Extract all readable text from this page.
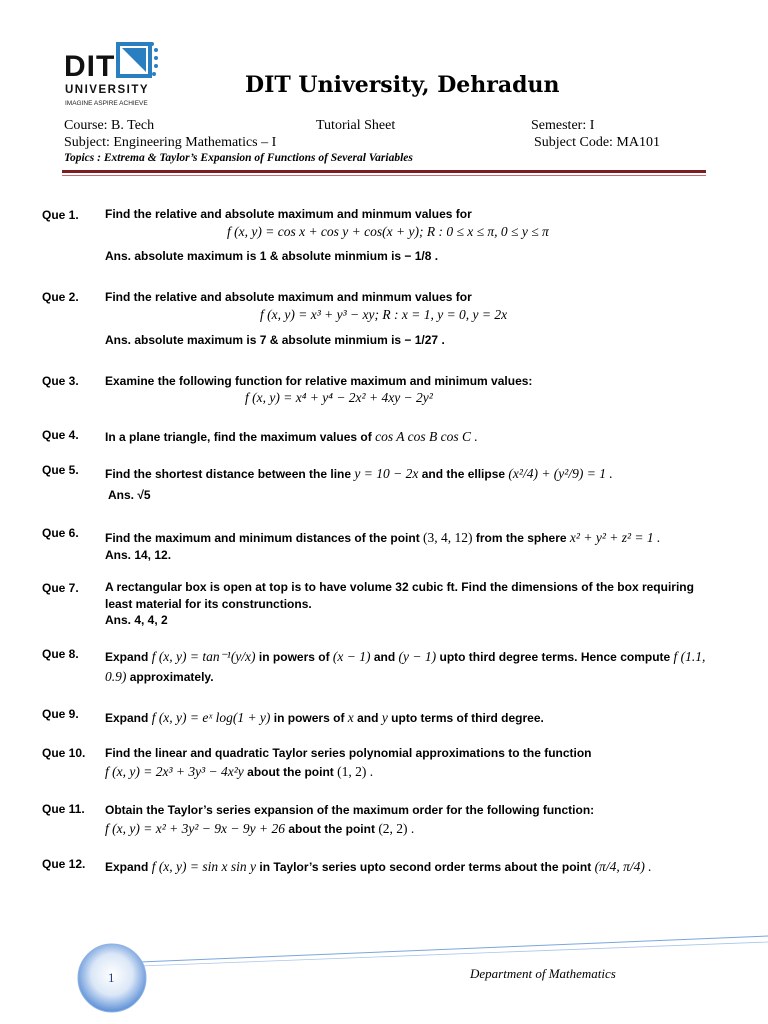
DIT
UNIVERSITY
IMAGINE ASPIRE ACHIEVE
DIT University, Dehradun
Course: B. Tech	Tutorial Sheet	Semester: I
Subject: Engineering Mathematics – I	Subject Code: MA101
Topics : Extrema & Taylor’s Expansion of Functions of Several Variables
Que 1. Find the relative and absolute maximum and minmum values for
f (x, y) = cos x + cos y + cos(x + y); R : 0 ≤ x ≤ π, 0 ≤ y ≤ π
Ans. absolute maximum is 1 & absolute minmium is − 1/8 .
Que 2. Find the relative and absolute maximum and minmum values for
f (x, y) = x³ + y³ − xy; R : x = 1, y = 0, y = 2x
Ans. absolute maximum is 7 & absolute minmium is − 1/27 .
Que 3. Examine the following function for relative maximum and minimum values:
f (x, y) = x⁴ + y⁴ − 2x² + 4xy − 2y²
Que 4. In a plane triangle, find the maximum values of cos A cos B cos C .
Que 5. Find the shortest distance between the line y = 10 − 2x and the ellipse (x²/4) + (y²/9) = 1 .
Ans. √5
Que 6. Find the maximum and minimum distances of the point (3, 4, 12) from the sphere x² + y² + z² = 1 .
Ans. 14, 12.
Que 7. A rectangular box is open at top is to have volume 32 cubic ft. Find the dimensions of the box requiring least material for its construnctions.
Ans. 4, 4, 2
Que 8. Expand f (x, y) = tan⁻¹(y/x) in powers of (x − 1) and (y − 1) upto third degree terms. Hence compute f (1.1, 0.9) approximately.
Que 9. Expand f (x, y) = eˣ log(1 + y) in powers of x and y upto terms of third degree.
Que 10. Find the linear and quadratic Taylor series polynomial approximations to the function
f (x, y) = 2x³ + 3y³ − 4x²y about the point (1, 2) .
Que 11. Obtain the Taylor’s series expansion of the maximum order for the following function:
f (x, y) = x² + 3y² − 9x − 9y + 26 about the point (2, 2) .
Que 12. Expand f (x, y) = sin x sin y in Taylor’s series upto second order terms about the point (π/4, π/4) .
1	Department of Mathematics
